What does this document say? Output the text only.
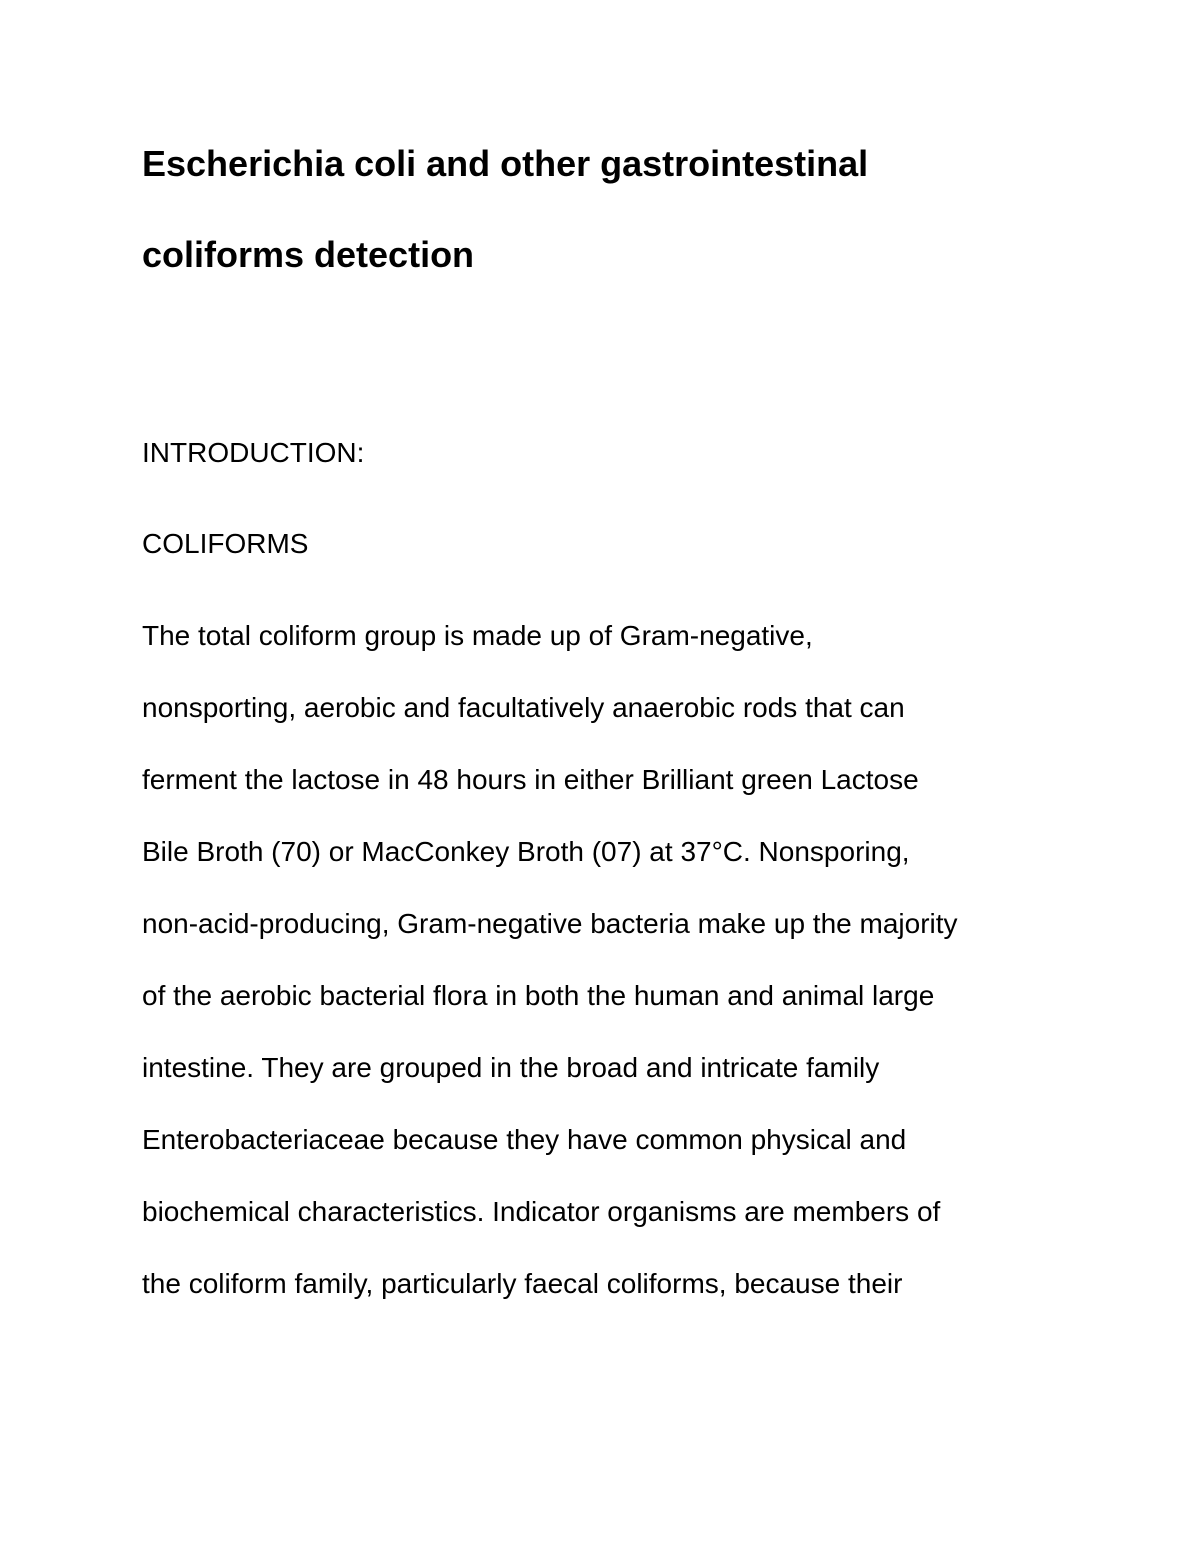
Escherichia coli and other gastrointestinal
coliforms detection
INTRODUCTION:
COLIFORMS
The total coliform group is made up of Gram-negative,
nonsporting, aerobic and facultatively anaerobic rods that can
ferment the lactose in 48 hours in either Brilliant green Lactose
Bile Broth (70) or MacConkey Broth (07) at 37°C. Nonsporing,
non-acid-producing, Gram-negative bacteria make up the majority
of the aerobic bacterial flora in both the human and animal large
intestine. They are grouped in the broad and intricate family
Enterobacteriaceae because they have common physical and
biochemical characteristics. Indicator organisms are members of
the coliform family, particularly faecal coliforms, because their
